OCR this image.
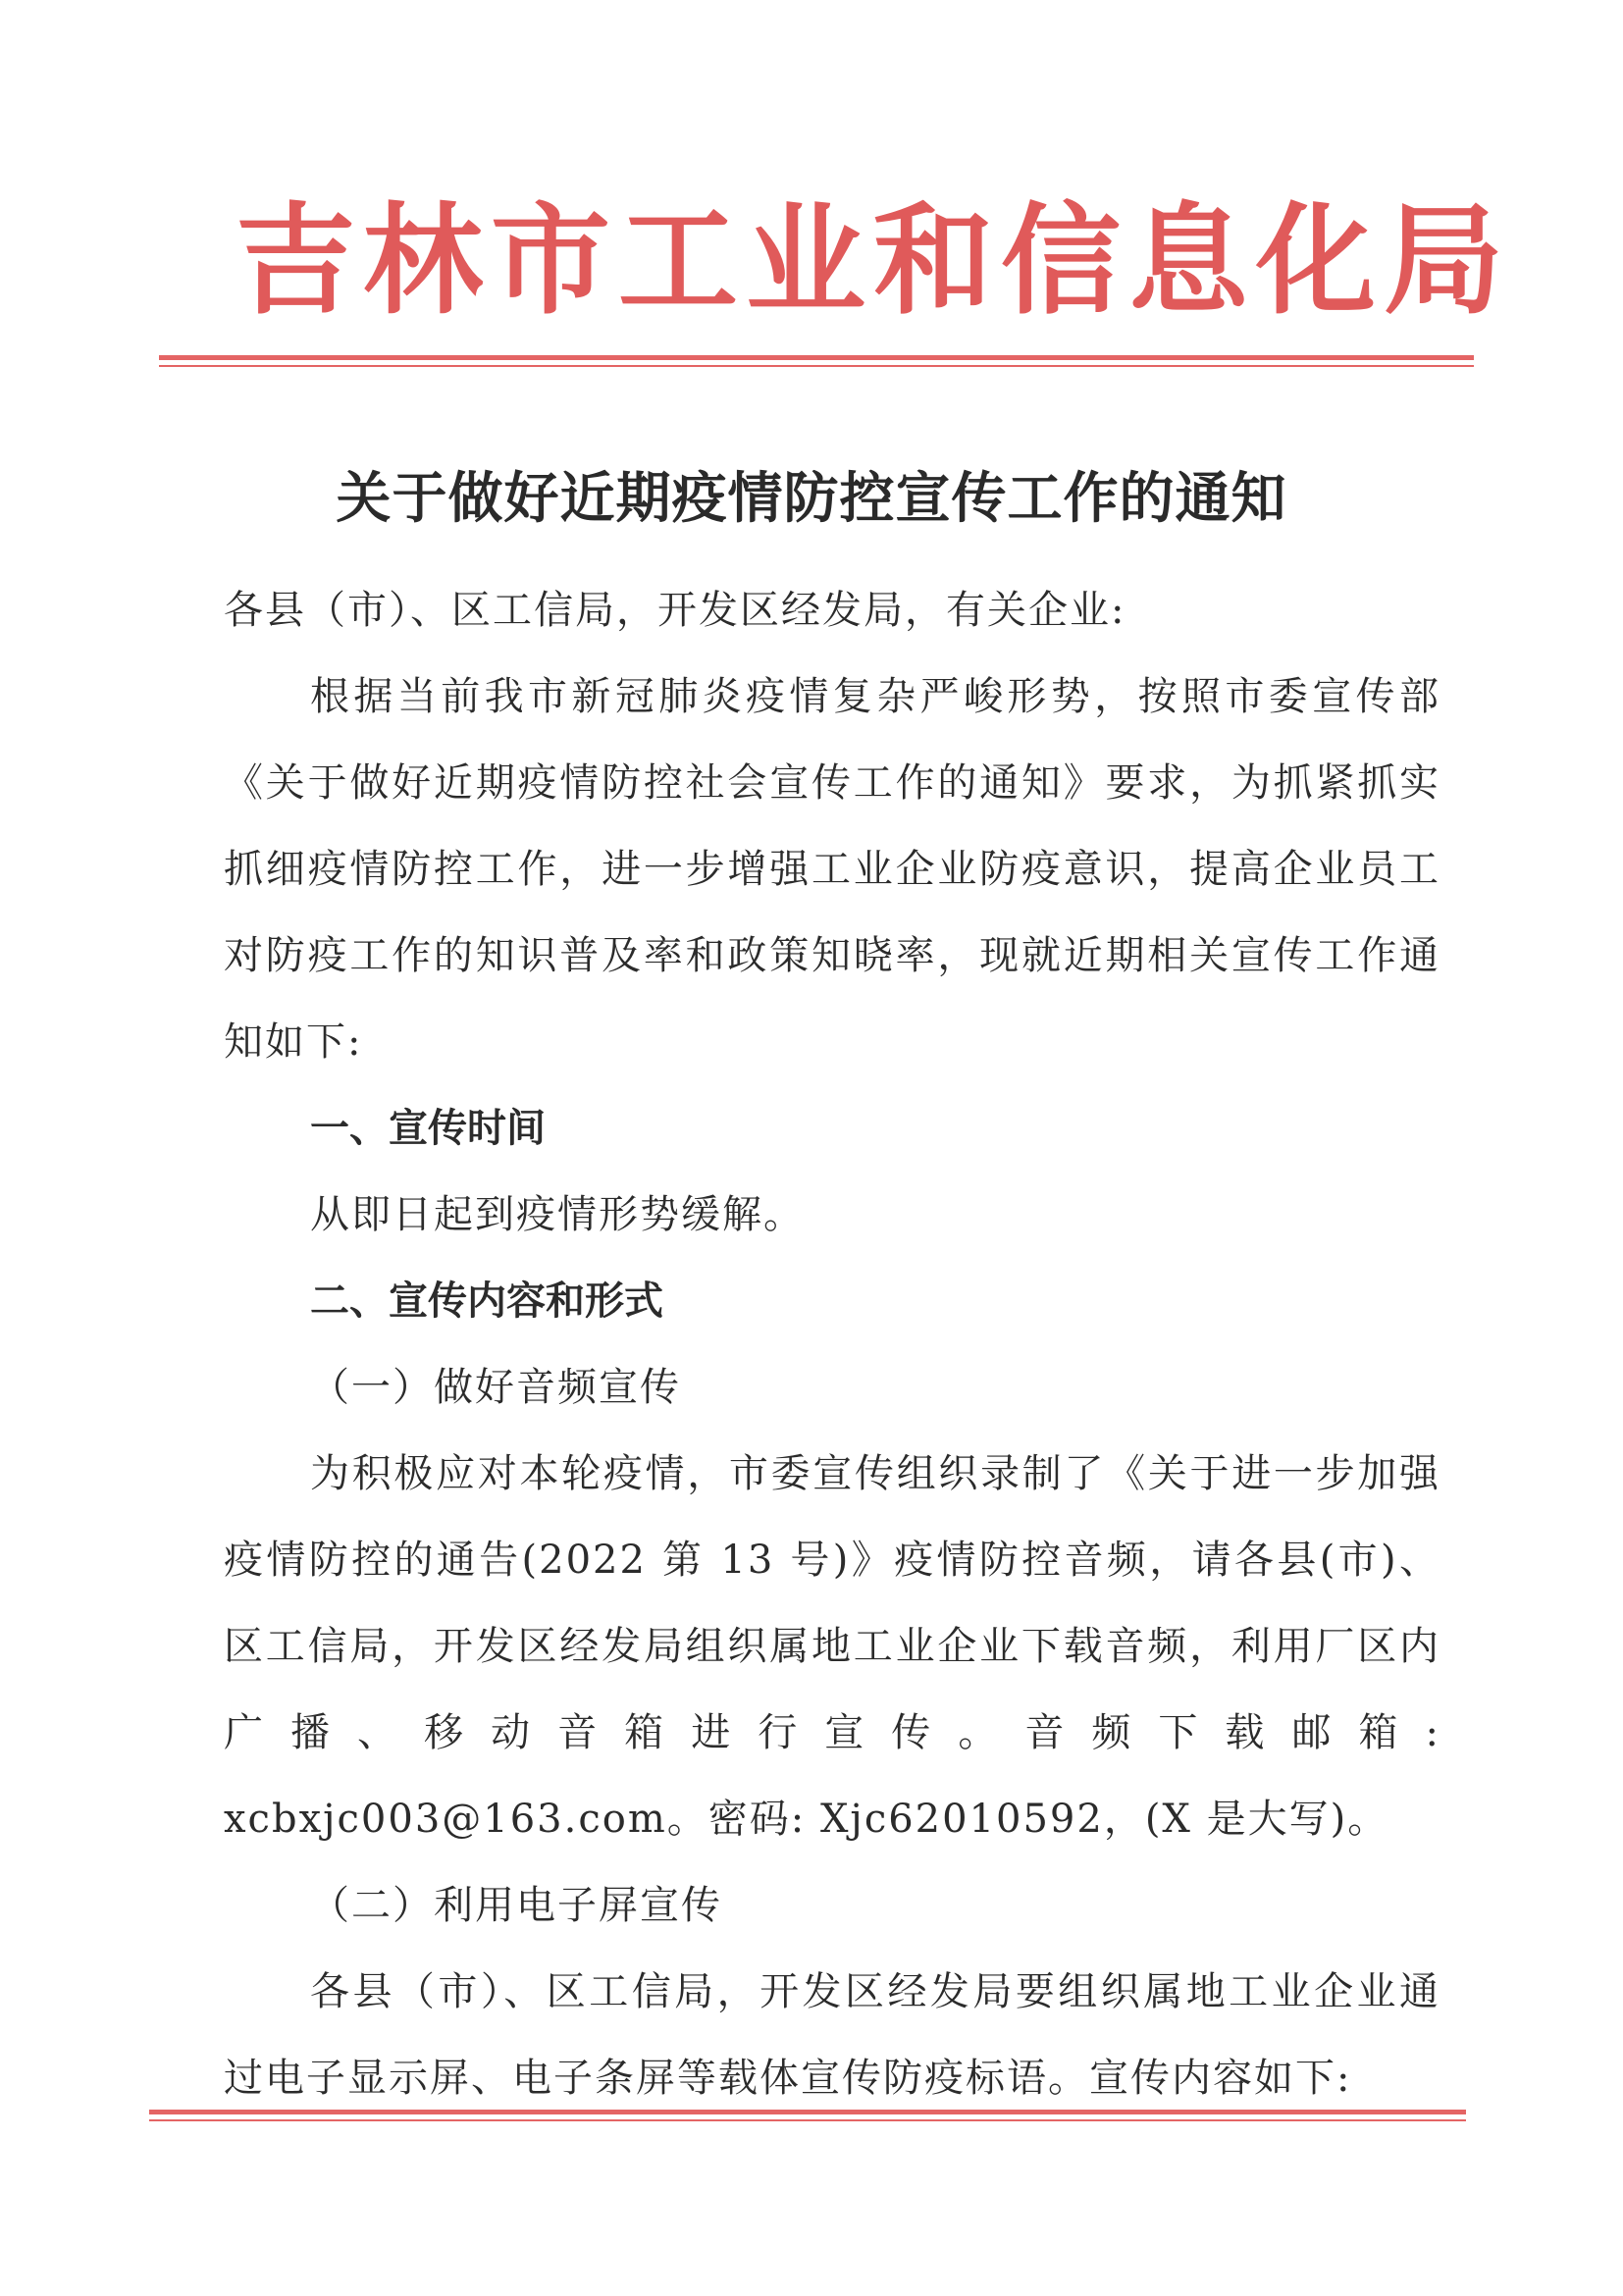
吉林市工业和信息化局
关于做好近期疫情防控宣传工作的通知

各县（市）、区工信局，开发区经发局，有关企业:

根据当前我市新冠肺炎疫情复杂严峻形势，按照市委宣传部《关于做好近期疫情防控社会宣传工作的通知》要求，为抓紧抓实抓细疫情防控工作，进一步增强工业企业防疫意识，提高企业员工对防疫工作的知识普及率和政策知晓率，现就近期相关宣传工作通知如下:

一、宣传时间

从即日起到疫情形势缓解。

二、宣传内容和形式

（一）做好音频宣传

为积极应对本轮疫情，市委宣传组织录制了《关于进一步加强疫情防控的通告(2022 第 13 号)》疫情防控音频，请各县(市)、区工信局，开发区经发局组织属地工业企业下载音频，利用厂区内广播、移动音箱进行宣传。音频下载邮箱: xcbxjc003@163.com。密码: Xjc62010592，(X 是大写)。

（二）利用电子屏宣传

各县（市）、区工信局，开发区经发局要组织属地工业企业通过电子显示屏、电子条屏等载体宣传防疫标语。宣传内容如下:
